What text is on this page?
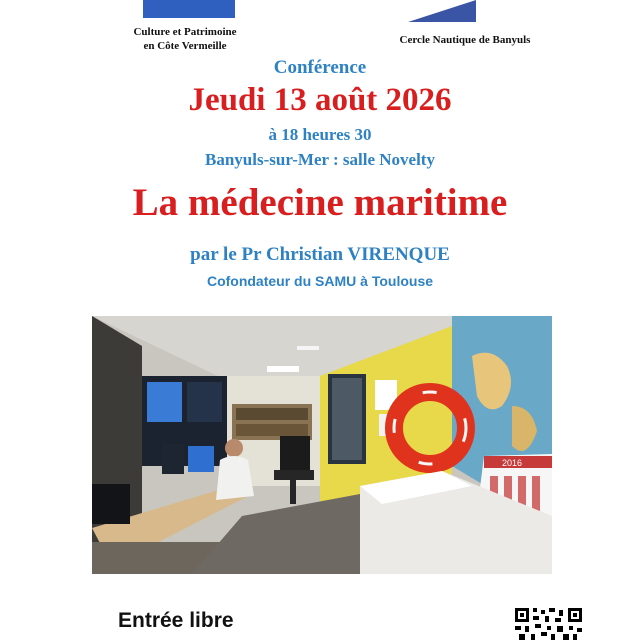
Culture et Patrimoine
en Côte Vermeille	Cercle Nautique de Banyuls
Conférence
Jeudi 13 août 2026
à 18 heures 30
Banyuls-sur-Mer : salle Novelty
La médecine maritime
par le Pr Christian VIRENQUE
Cofondateur du SAMU à Toulouse
2016
Entrée libre
